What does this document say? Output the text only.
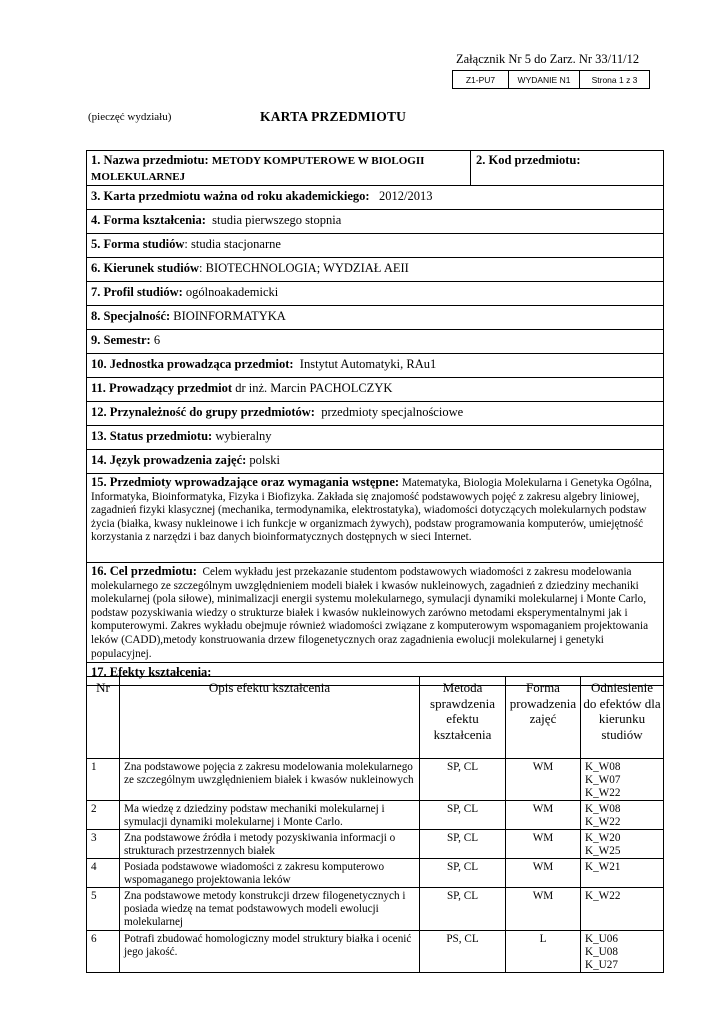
Załącznik Nr 5 do Zarz. Nr 33/11/12
Z1-PU7	WYDANIE N1	Strona 1 z 3
(pieczęć wydziału)	KARTA PRZEDMIOTU
1. Nazwa przedmiotu: METODY KOMPUTEROWE W BIOLOGII MOLEKULARNEJ
2. Kod przedmiotu:
3. Karta przedmiotu ważna od roku akademickiego: 2012/2013
4. Forma kształcenia: studia pierwszego stopnia
5. Forma studiów: studia stacjonarne
6. Kierunek studiów: BIOTECHNOLOGIA; WYDZIAŁ AEII
7. Profil studiów: ogólnoakademicki
8. Specjalność: BIOINFORMATYKA
9. Semestr: 6
10. Jednostka prowadząca przedmiot: Instytut Automatyki, RAu1
11. Prowadzący przedmiot dr inż. Marcin PACHOLCZYK
12. Przynależność do grupy przedmiotów: przedmioty specjalnościowe
13. Status przedmiotu: wybieralny
14. Język prowadzenia zajęć: polski
15. Przedmioty wprowadzające oraz wymagania wstępne: Matematyka, Biologia Molekularna i Genetyka Ogólna, Informatyka, Bioinformatyka, Fizyka i Biofizyka. Zakłada się znajomość podstawowych pojęć z zakresu algebry liniowej, zagadnień fizyki klasycznej (mechanika, termodynamika, elektrostatyka), wiadomości dotyczących molekularnych podstaw życia (białka, kwasy nukleinowe i ich funkcje w organizmach żywych), podstaw programowania komputerów, umiejętność korzystania z narzędzi i baz danych bioinformatycznych dostępnych w sieci Internet.
16. Cel przedmiotu: Celem wykładu jest przekazanie studentom podstawowych wiadomości z zakresu modelowania molekularnego ze szczególnym uwzględnieniem modeli białek i kwasów nukleinowych, zagadnień z dziedziny mechaniki molekularnej (pola siłowe), minimalizacji energii systemu molekularnego, symulacji dynamiki molekularnej i Monte Carlo, podstaw pozyskiwania wiedzy o strukturze białek i kwasów nukleinowych zarówno metodami eksperymentalnymi jak i komputerowymi. Zakres wykładu obejmuje również wiadomości związane z komputerowym wspomaganiem projektowania leków (CADD),metody konstruowania drzew filogenetycznych oraz zagadnienia ewolucji molekularnej i genetyki populacyjnej.
17. Efekty kształcenia:
Nr	Opis efektu kształcenia	Metoda sprawdzenia efektu kształcenia	Forma prowadzenia zajęć	Odniesienie do efektów dla kierunku studiów
1	Zna podstawowe pojęcia z zakresu modelowania molekularnego ze szczególnym uwzględnieniem białek i kwasów nukleinowych	SP, CL	WM	K_W08
K_W07
K_W22

2	Ma wiedzę z dziedziny podstaw mechaniki molekularnej i symulacji dynamiki molekularnej i Monte Carlo.	SP, CL	WM	K_W08
K_W22

3	Zna podstawowe źródła i metody pozyskiwania informacji o strukturach przestrzennych białek	SP, CL	WM	K_W20
K_W25

4	Posiada podstawowe wiadomości z zakresu komputerowo wspomaganego projektowania leków	SP, CL	WM	K_W21

5	Zna podstawowe metody konstrukcji drzew filogenetycznych i posiada wiedzę na temat podstawowych modeli ewolucji molekularnej	SP, CL	WM	K_W22

6	Potrafi zbudować homologiczny model struktury białka i ocenić jego jakość.	PS, CL	L	K_U06
K_U08
K_U27
